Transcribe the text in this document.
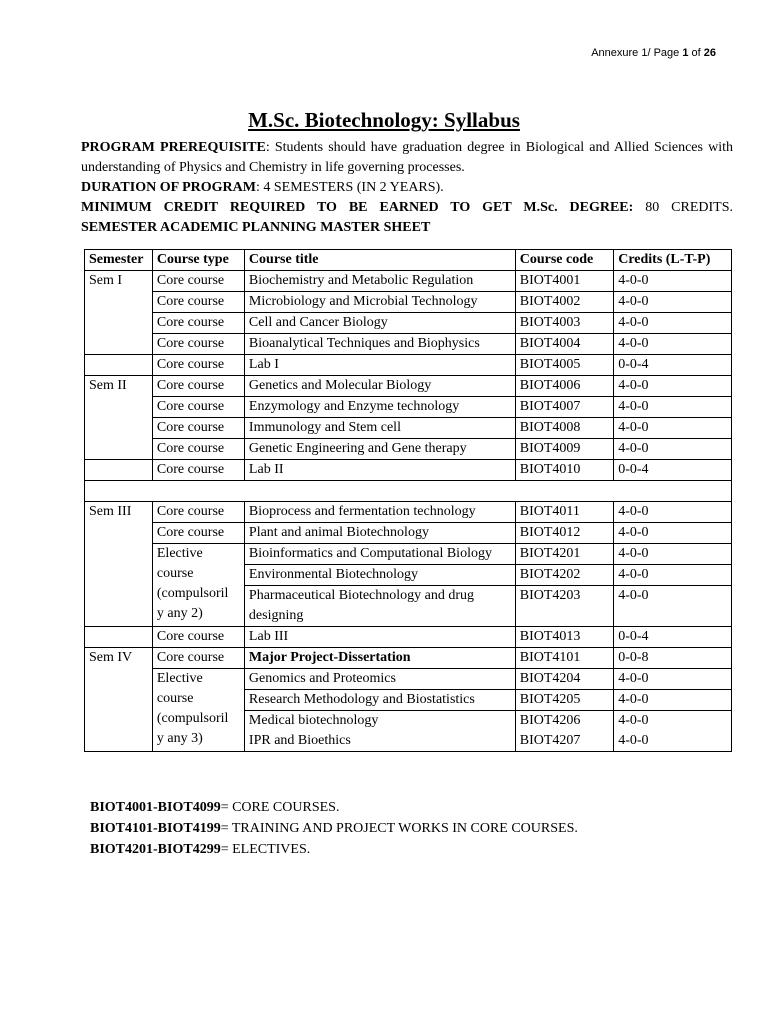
Annexure 1/ Page 1 of 26
M.Sc. Biotechnology: Syllabus

PROGRAM PREREQUISITE: Students should have graduation degree in Biological and Allied Sciences with understanding of Physics and Chemistry in life governing processes.

DURATION OF PROGRAM: 4 SEMESTERS (IN 2 YEARS).

MINIMUM CREDIT REQUIRED TO BE EARNED TO GET M.Sc. DEGREE: 80 CREDITS.

SEMESTER ACADEMIC PLANNING MASTER SHEET

Semester	Course type	Course title	Course code	Credits (L-T-P)
Sem I	Core course	Biochemistry and Metabolic Regulation	BIOT4001	4-0-0
	Core course	Microbiology and Microbial Technology	BIOT4002	4-0-0
	Core course	Cell and Cancer Biology	BIOT4003	4-0-0
	Core course	Bioanalytical Techniques and Biophysics	BIOT4004	4-0-0
	Core course	Lab I	BIOT4005	0-0-4
Sem II	Core course	Genetics and Molecular Biology	BIOT4006	4-0-0
	Core course	Enzymology and Enzyme technology	BIOT4007	4-0-0
	Core course	Immunology and Stem cell	BIOT4008	4-0-0
	Core course	Genetic Engineering and Gene therapy	BIOT4009	4-0-0
	Core course	Lab II	BIOT4010	0-0-4

Sem III	Core course	Bioprocess and fermentation technology	BIOT4011	4-0-0
	Core course	Plant and animal Biotechnology	BIOT4012	4-0-0

	Elective
course
(compulsoril
y any 2)	Bioinformatics and Computational Biology	BIOT4201	4-0-0
		Environmental Biotechnology	BIOT4202	4-0-0
		Pharmaceutical Biotechnology and drug designing	BIOT4203	4-0-0
	Core course	Lab III	BIOT4013	0-0-4
Sem IV	Core course	Major Project-Dissertation	BIOT4101	0-0-8

	Elective
course
(compulsoril
y any 3)	Genomics and Proteomics	BIOT4204	4-0-0
		Research Methodology and Biostatistics	BIOT4205	4-0-0
		Medical biotechnology	BIOT4206	4-0-0
		IPR and Bioethics	BIOT4207	4-0-0
BIOT4001-BIOT4099= CORE COURSES.
BIOT4101-BIOT4199= TRAINING AND PROJECT WORKS IN CORE COURSES.
BIOT4201-BIOT4299= ELECTIVES.
